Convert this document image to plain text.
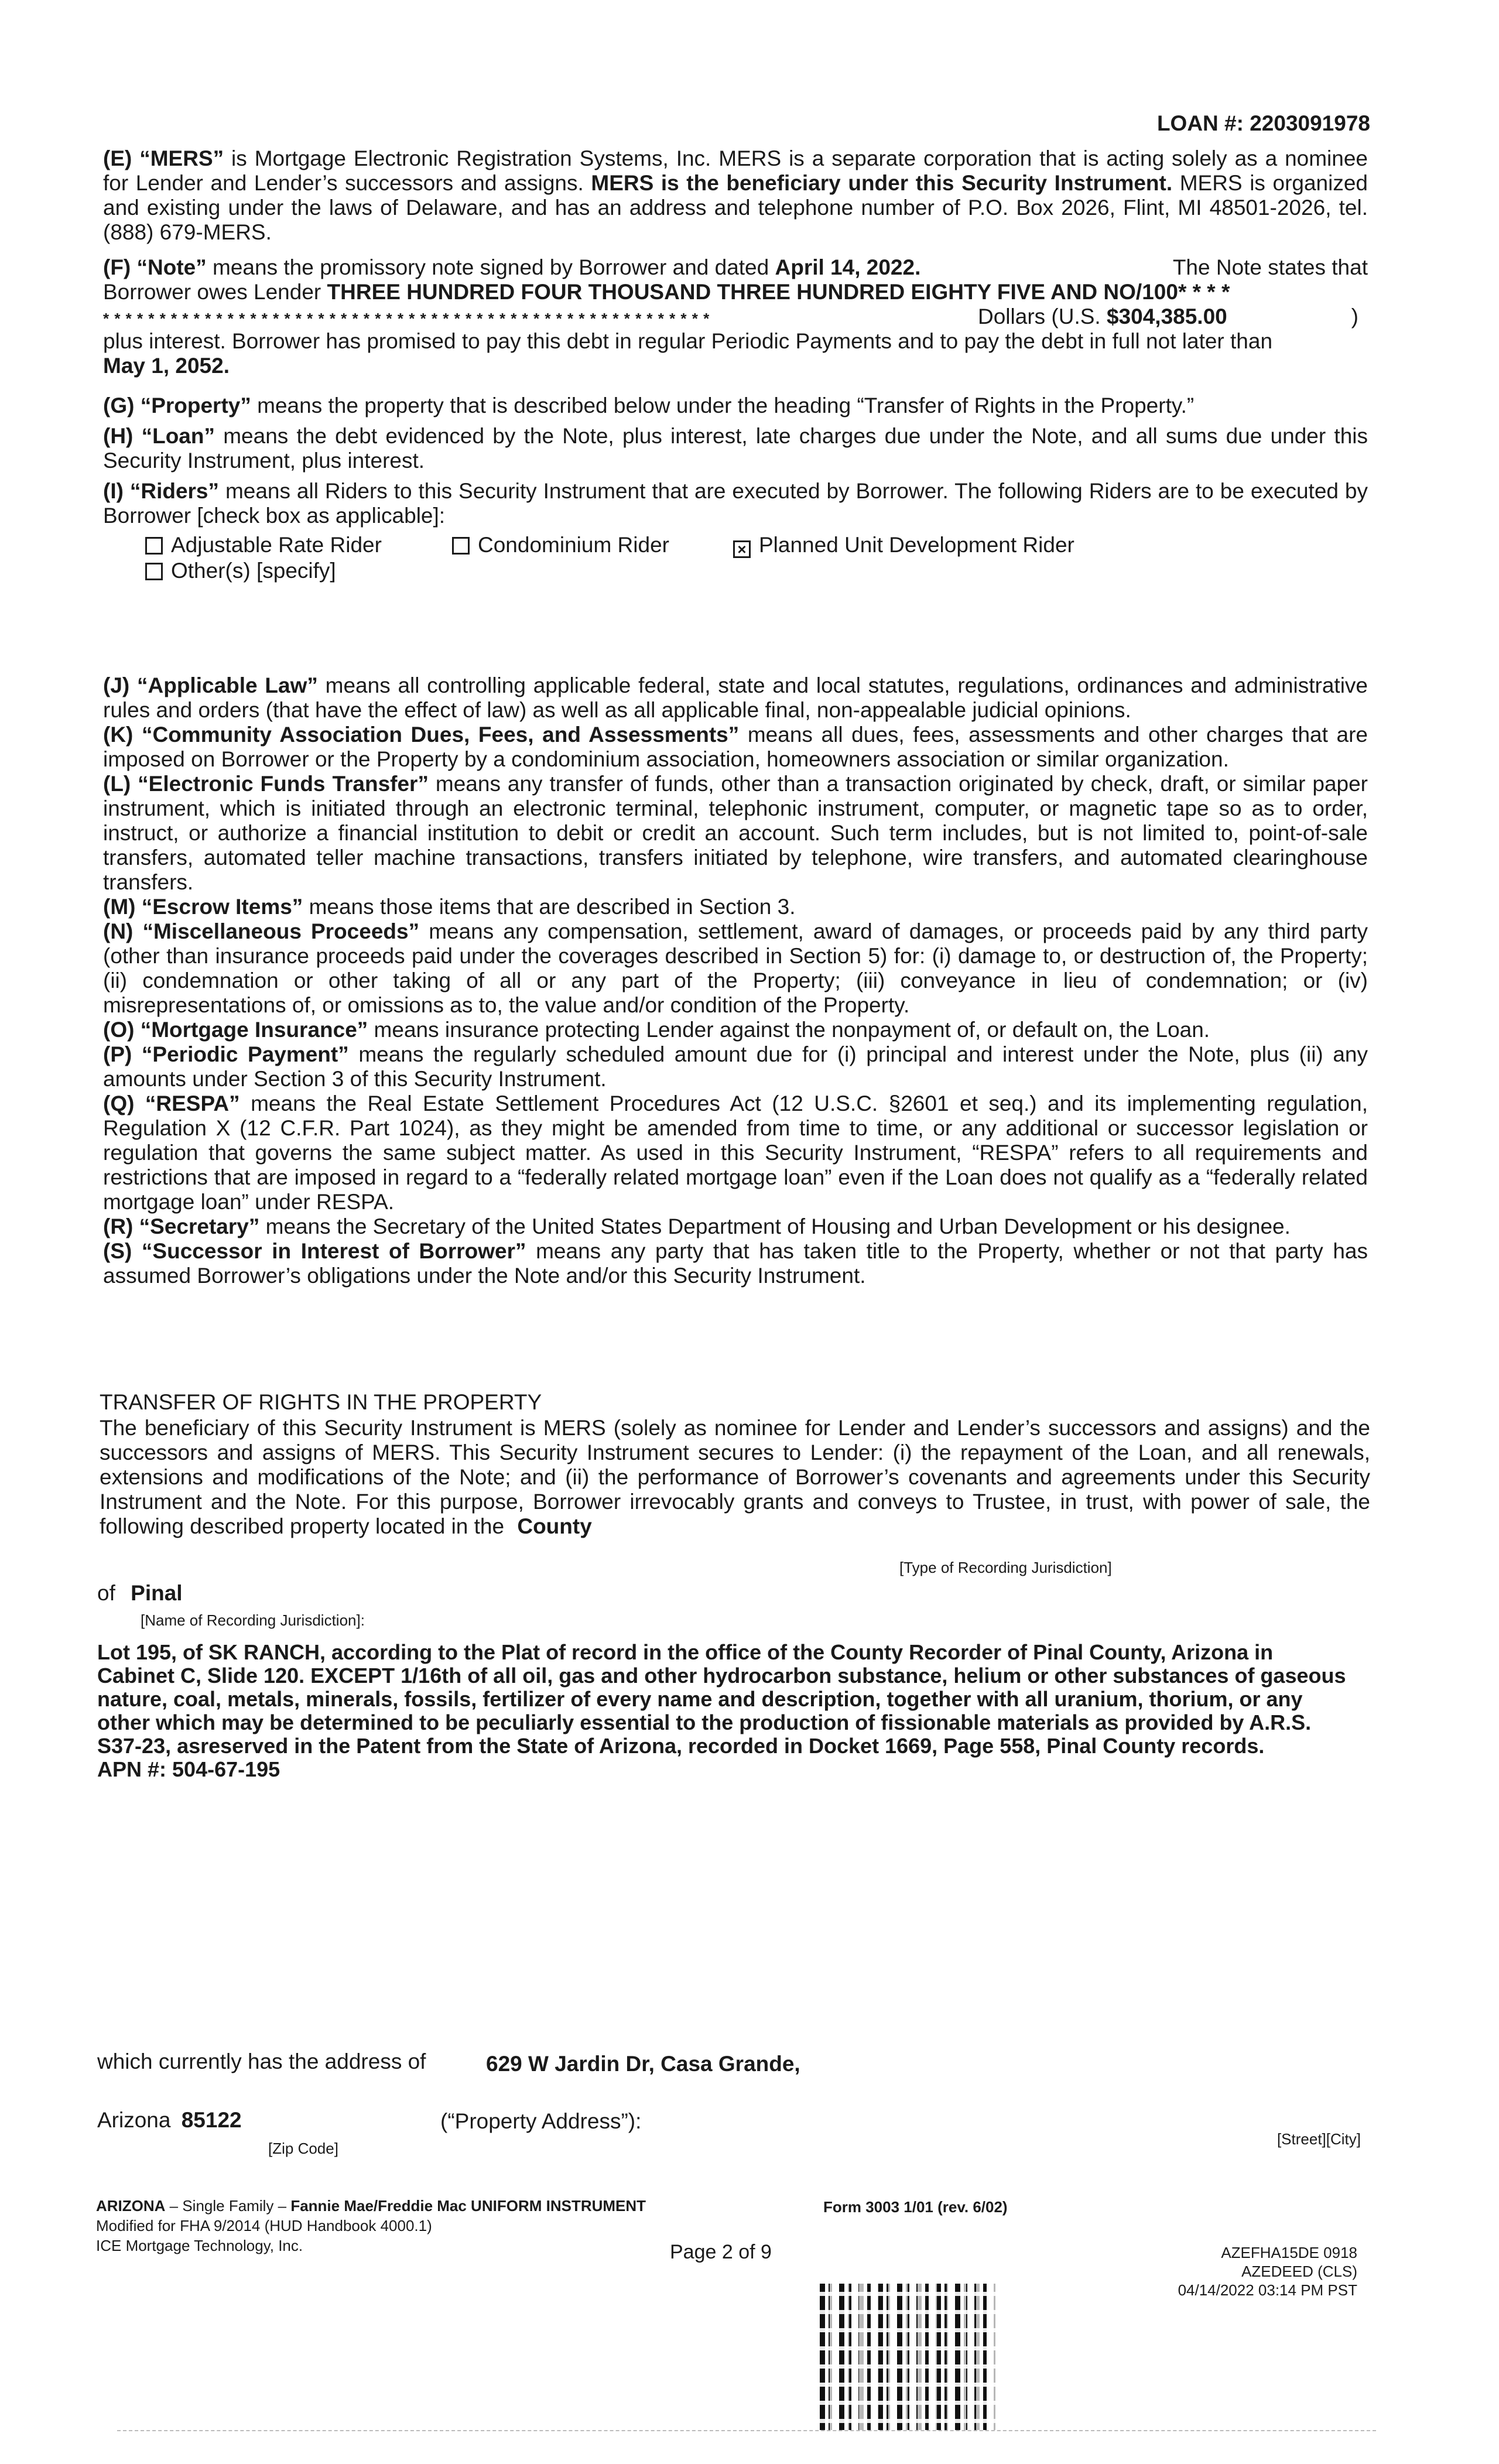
LOAN #: 2203091978

(E) “MERS” is Mortgage Electronic Registration Systems, Inc. MERS is a separate corporation that is acting solely as a nominee for Lender and Lender’s successors and assigns. MERS is the beneficiary under this Security Instrument. MERS is organized and existing under the laws of Delaware, and has an address and telephone number of P.O. Box 2026, Flint, MI 48501-2026, tel. (888) 679-MERS.

(F) “Note” means the promissory note signed by Borrower and dated April 14, 2022.	The Note states that
Borrower owes Lender THREE HUNDRED FOUR THOUSAND THREE HUNDRED EIGHTY FIVE AND NO/100* * * *
* * * * * * * * * * * * * * * * * * * * * * * * * * * * * * * * * * * * * * * * * * * * * * * * * * * * * *	Dollars (U.S. $304,385.00	)

plus interest. Borrower has promised to pay this debt in regular Periodic Payments and to pay the debt in full not later than

May 1, 2052.

(G) “Property” means the property that is described below under the heading “Transfer of Rights in the Property.”

(H) “Loan” means the debt evidenced by the Note, plus interest, late charges due under the Note, and all sums due under this Security Instrument, plus interest.

(I) “Riders” means all Riders to this Security Instrument that are executed by Borrower. The following Riders are to be executed by Borrower [check box as applicable]:

Adjustable Rate Rider	Condominium Rider	× Planned Unit Development Rider
Other(s) [specify]

(J) “Applicable Law” means all controlling applicable federal, state and local statutes, regulations, ordinances and administrative rules and orders (that have the effect of law) as well as all applicable final, non-appealable judicial opinions.

(K) “Community Association Dues, Fees, and Assessments” means all dues, fees, assessments and other charges that are imposed on Borrower or the Property by a condominium association, homeowners association or similar organization.

(L) “Electronic Funds Transfer” means any transfer of funds, other than a transaction originated by check, draft, or similar paper instrument, which is initiated through an electronic terminal, telephonic instrument, computer, or magnetic tape so as to order, instruct, or authorize a financial institution to debit or credit an account. Such term includes, but is not limited to, point-of-sale transfers, automated teller machine transactions, transfers initiated by telephone, wire transfers, and automated clearinghouse transfers.

(M) “Escrow Items” means those items that are described in Section 3.

(N) “Miscellaneous Proceeds” means any compensation, settlement, award of damages, or proceeds paid by any third party (other than insurance proceeds paid under the coverages described in Section 5) for: (i) damage to, or destruction of, the Property; (ii) condemnation or other taking of all or any part of the Property; (iii) conveyance in lieu of condemnation; or (iv) misrepresentations of, or omissions as to, the value and/or condition of the Property.

(O) “Mortgage Insurance” means insurance protecting Lender against the nonpayment of, or default on, the Loan.

(P) “Periodic Payment” means the regularly scheduled amount due for (i) principal and interest under the Note, plus (ii) any amounts under Section 3 of this Security Instrument.

(Q) “RESPA” means the Real Estate Settlement Procedures Act (12 U.S.C. §2601 et seq.) and its implementing regulation, Regulation X (12 C.F.R. Part 1024), as they might be amended from time to time, or any additional or successor legislation or regulation that governs the same subject matter. As used in this Security Instrument, “RESPA” refers to all requirements and restrictions that are imposed in regard to a “federally related mortgage loan” even if the Loan does not qualify as a “federally related mortgage loan” under RESPA.

(R) “Secretary” means the Secretary of the United States Department of Housing and Urban Development or his designee.

(S) “Successor in Interest of Borrower” means any party that has taken title to the Property, whether or not that party has assumed Borrower’s obligations under the Note and/or this Security Instrument.

TRANSFER OF RIGHTS IN THE PROPERTY

The beneficiary of this Security Instrument is MERS (solely as nominee for Lender and Lender’s successors and assigns) and the successors and assigns of MERS. This Security Instrument secures to Lender: (i) the repayment of the Loan, and all renewals, extensions and modifications of the Note; and (ii) the performance of Borrower’s covenants and agreements under this Security Instrument and the Note. For this purpose, Borrower irrevocably grants and conveys to Trustee, in trust, with power of sale, the following described property located in the County

[Type of Recording Jurisdiction]
of Pinal
[Name of Recording Jurisdiction]:
Lot 195, of SK RANCH, according to the Plat of record in the office of the County Recorder of Pinal County, Arizona in Cabinet C, Slide 120. EXCEPT 1/16th of all oil, gas and other hydrocarbon substance, helium or other substances of gaseous nature, coal, metals, minerals, fossils, fertilizer of every name and description, together with all uranium, thorium, or any other which may be determined to be peculiarly essential to the production of fissionable materials as provided by A.R.S. S37-23, asreserved in the Patent from the State of Arizona, recorded in Docket 1669, Page 558, Pinal County records.
APN #: 504-67-195
which currently has the address of	629 W Jardin Dr, Casa Grande,
[Street][City]
Arizona 85122	(“Property Address”):
[Zip Code]
ARIZONA – Single Family – Fannie Mae/Freddie Mac UNIFORM INSTRUMENT	Form 3003 1/01 (rev. 6/02)
Modified for FHA 9/2014 (HUD Handbook 4000.1)
ICE Mortgage Technology, Inc.	Page 2 of 9	AZEFHA15DE 0918
AZEDEED (CLS)
04/14/2022 03:14 PM PST
